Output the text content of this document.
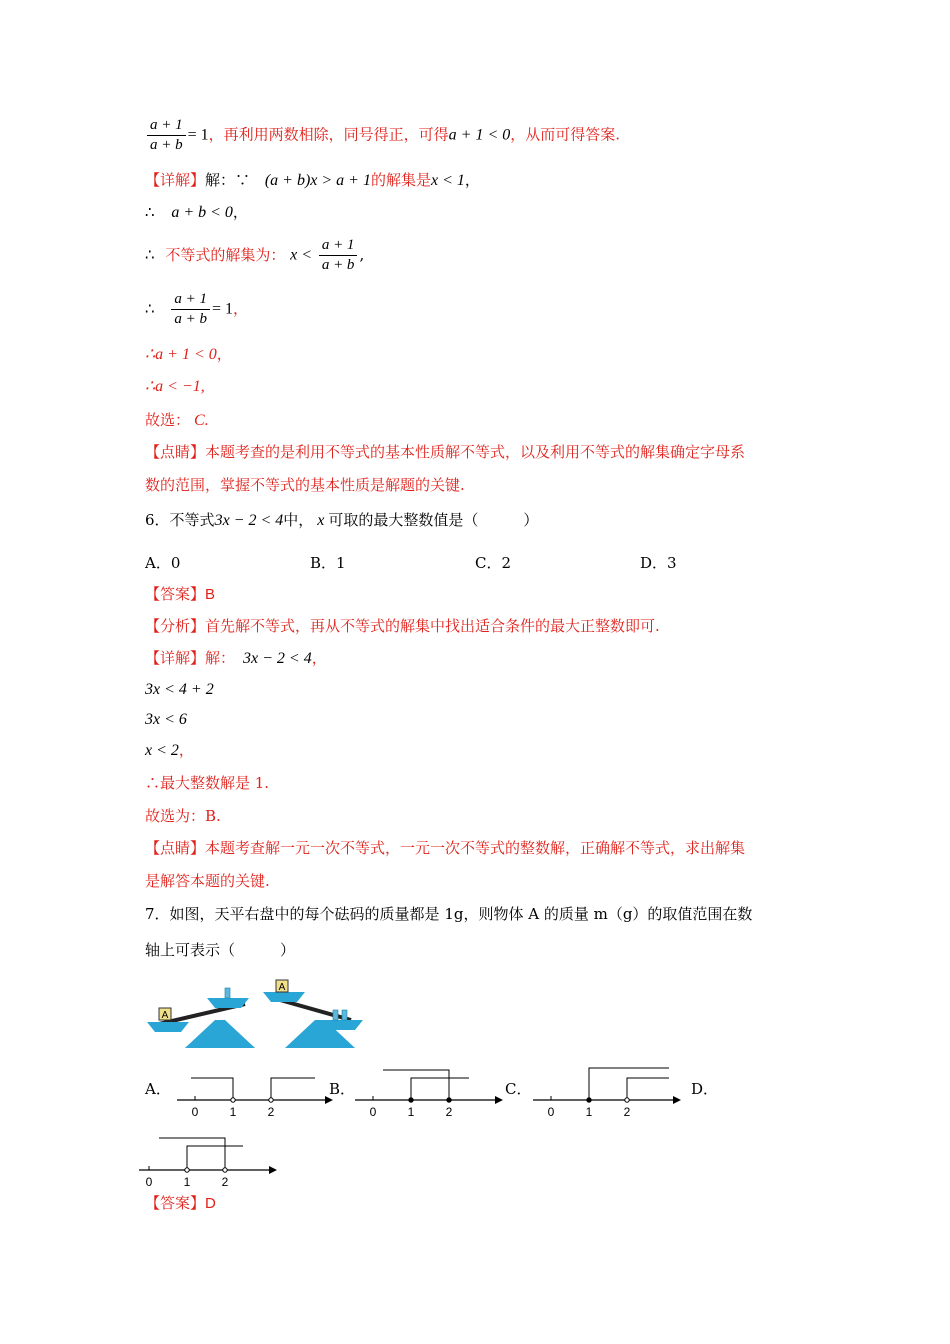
$\frac{a + 1}{a + b} = 1$，再利用两数相除，同号得正，可得a + 1 < 0，从而可得答案.
【详解】解：∵ (a + b)x > a + 1的解集是x < 1，
∴ a + b < 0，
∴ 不等式的解集为： $x < \frac{a + 1}{a + b}$ ,
∴ $\frac{a + 1}{a + b} = 1$，
∴a + 1 < 0，
∴a < −1,
故选： C.
【点睛】本题考查的是利用不等式的基本性质解不等式，以及利用不等式的解集确定字母系
数的范围，掌握不等式的基本性质是解题的关键.
6．不等式3x − 2 < 4中， x 可取的最大整数值是（　　　）
A．0	B．1	C．2	D．3
【答案】B
【分析】首先解不等式，再从不等式的解集中找出适合条件的最大正整数即可.
【详解】解： 3x − 2 < 4，
3x < 4 + 2
3x < 6
x < 2，
∴最大整数解是 1.
故选为：B.
【点睛】本题考查解一元一次不等式，一元一次不等式的整数解，正确解不等式，求出解集
是解答本题的关键.
7．如图，天平右盘中的每个砝码的质量都是 1g，则物体 A 的质量 m（g）的取值范围在数
轴上可表示（　　　）
A
A
A．	B．	C．	D．
0	1	2	0	1	2	0	1	2
0	1	2
【答案】D
